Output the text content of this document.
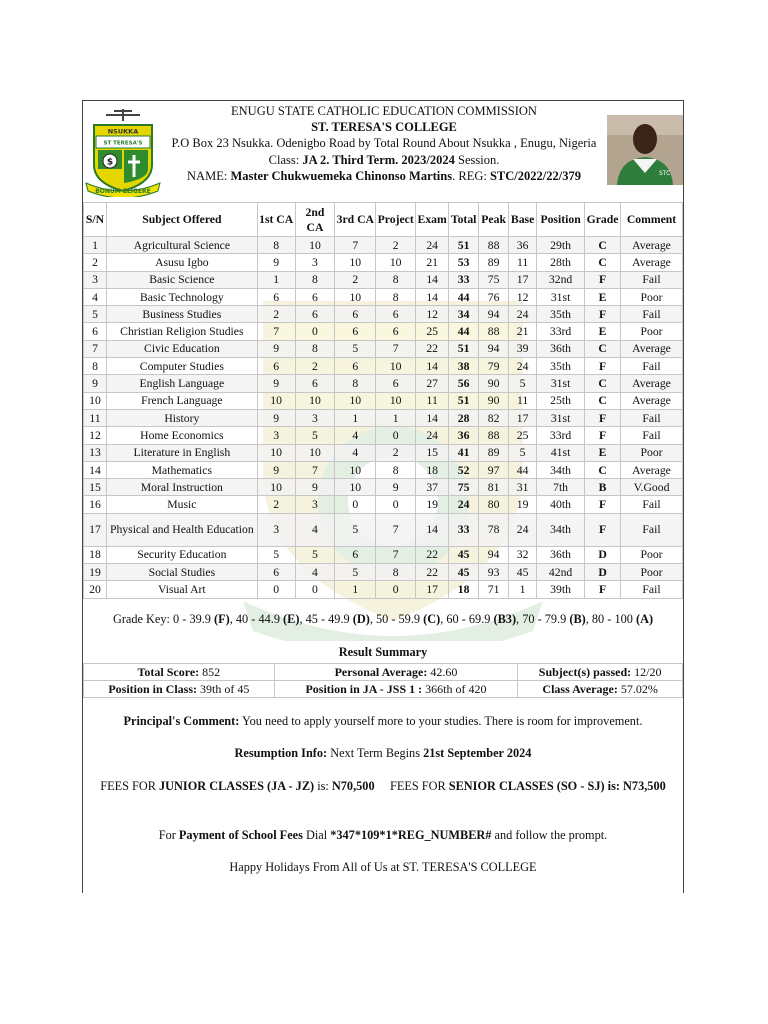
NSUKKA
ST TERESA'S
$
BONUM ELIGERE
ENUGU STATE CATHOLIC EDUCATION COMMISSION
ST. TERESA'S COLLEGE
P.O Box 23 Nsukka. Odenigbo Road by Total Round About Nsukka , Enugu, Nigeria
Class: JA 2. Third Term. 2023/2024 Session.
NAME: Master Chukwuemeka Chinonso Martins. REG: STC/2022/22/379	STC
S/N	Subject Offered	1st CA	2nd CA	3rd CA	Project	Exam	Total	Peak	Base	Position	Grade	Comment
1	Agricultural Science	8	10	7	2	24	51	88	36	29th	C	Average
2	Asusu Igbo	9	3	10	10	21	53	89	11	28th	C	Average
3	Basic Science	1	8	2	8	14	33	75	17	32nd	F	Fail
4	Basic Technology	6	6	10	8	14	44	76	12	31st	E	Poor
5	Business Studies	2	6	6	6	12	34	94	24	35th	F	Fail
6	Christian Religion Studies	7	0	6	6	25	44	88	21	33rd	E	Poor
7	Civic Education	9	8	5	7	22	51	94	39	36th	C	Average
8	Computer Studies	6	2	6	10	14	38	79	24	35th	F	Fail
9	English Language	9	6	8	6	27	56	90	5	31st	C	Average
10	French Language	10	10	10	10	11	51	90	11	25th	C	Average
11	History	9	3	1	1	14	28	82	17	31st	F	Fail
12	Home Economics	3	5	4	0	24	36	88	25	33rd	F	Fail
13	Literature in English	10	10	4	2	15	41	89	5	41st	E	Poor
14	Mathematics	9	7	10	8	18	52	97	44	34th	C	Average
15	Moral Instruction	10	9	10	9	37	75	81	31	7th	B	V.Good
16	Music	2	3	0	0	19	24	80	19	40th	F	Fail
17	Physical and Health Education	3	4	5	7	14	33	78	24	34th	F	Fail
18	Security Education	5	5	6	7	22	45	94	32	36th	D	Poor
19	Social Studies	6	4	5	8	22	45	93	45	42nd	D	Poor
20	Visual Art	0	0	1	0	17	18	71	1	39th	F	Fail
Grade Key: 0 - 39.9 (F), 40 - 44.9 (E), 45 - 49.9 (D), 50 - 59.9 (C), 60 - 69.9 (B3), 70 - 79.9 (B), 80 - 100 (A)
Result Summary
Total Score: 852	Personal Average: 42.60	Subject(s) passed: 12/20
Position in Class: 39th of 45	Position in JA - JSS 1 : 366th of 420	Class Average: 57.02%
Principal's Comment: You need to apply yourself more to your studies. There is room for improvement.
Resumption Info: Next Term Begins 21st September 2024
FEES FOR JUNIOR CLASSES (JA - JZ) is: N70,500 FEES FOR SENIOR CLASSES (SO - SJ) is: N73,500
For Payment of School Fees Dial *347*109*1*REG_NUMBER# and follow the prompt.
Happy Holidays From All of Us at ST. TERESA'S COLLEGE
